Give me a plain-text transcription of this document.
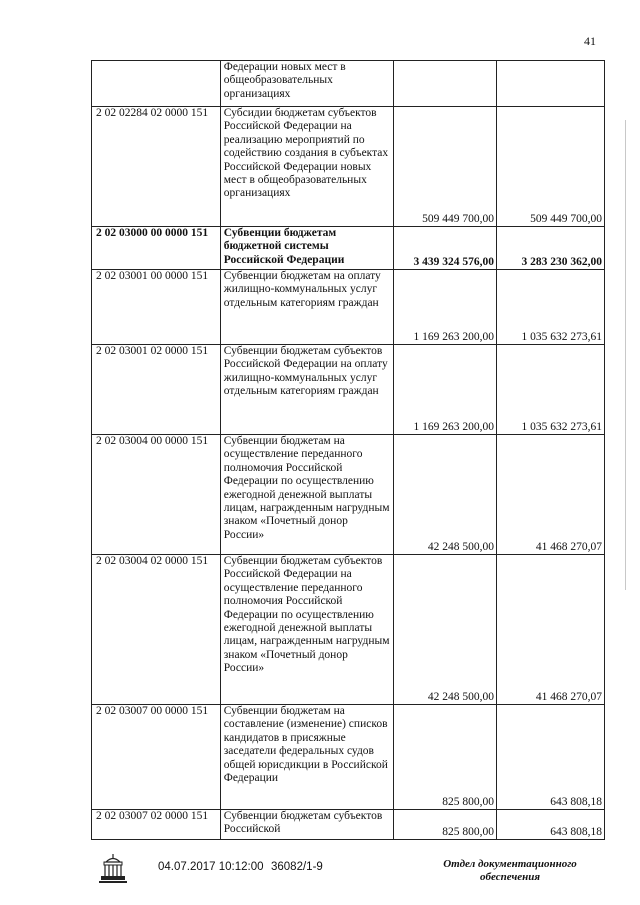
41
	Федерации новых мест в общеобразовательных организациях		
2 02 02284 02 0000 151	Субсидии бюджетам субъектов Российской Федерации на реализацию мероприятий по содействию создания в субъектах Российской Федерации новых мест в общеобразовательных организациях	509 449 700,00	509 449 700,00
2 02 03000 00 0000 151	Субвенции бюджетам бюджетной системы Российской Федерации	3 439 324 576,00	3 283 230 362,00
2 02 03001 00 0000 151	Субвенции бюджетам на оплату жилищно-коммунальных услуг отдельным категориям граждан	1 169 263 200,00	1 035 632 273,61
2 02 03001 02 0000 151	Субвенции бюджетам субъектов Российской Федерации на оплату жилищно-коммунальных услуг отдельным категориям граждан	1 169 263 200,00	1 035 632 273,61
2 02 03004 00 0000 151	Субвенции бюджетам на осуществление переданного полномочия Российской Федерации по осуществлению ежегодной денежной выплаты лицам, награжденным нагрудным знаком «Почетный донор России»	42 248 500,00	41 468 270,07
2 02 03004 02 0000 151	Субвенции бюджетам субъектов Российской Федерации на осуществление переданного полномочия Российской Федерации по осуществлению ежегодной денежной выплаты лицам, награжденным нагрудным знаком «Почетный донор России»	42 248 500,00	41 468 270,07
2 02 03007 00 0000 151	Субвенции бюджетам на составление (изменение) списков кандидатов в присяжные заседатели федеральных судов общей юрисдикции в Российской Федерации	825 800,00	643 808,18
2 02 03007 02 0000 151	Субвенции бюджетам субъектов Российской	825 800,00	643 808,18
04.07.2017 10:12:00 36082/1-9	Отдел документационного обеспечения
